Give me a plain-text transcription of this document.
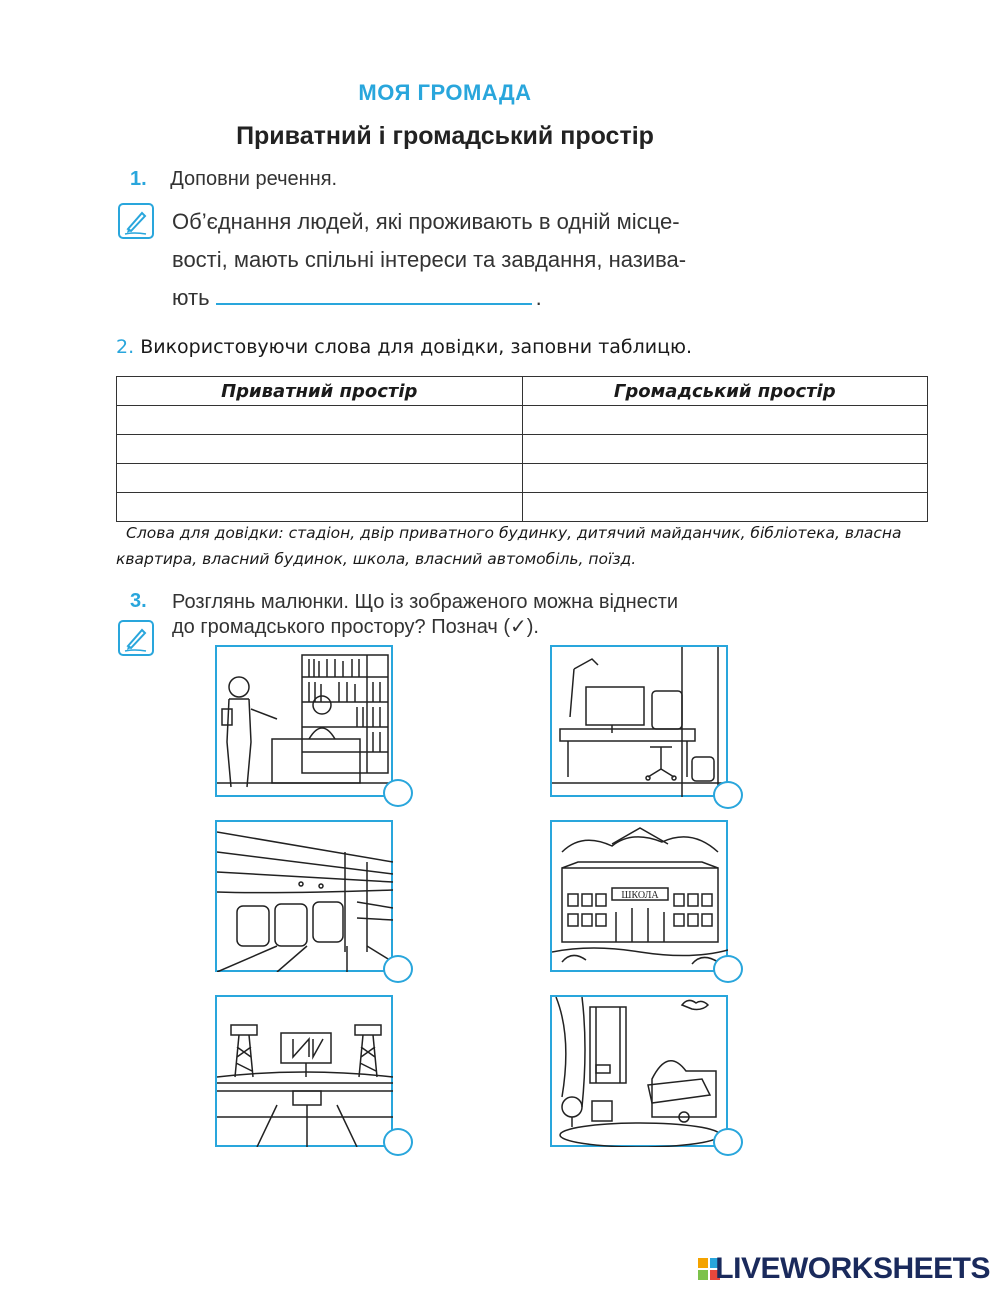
МОЯ ГРОМАДА
Приватний і громадський простір
1. Доповни речення.
Об’єднання людей, які проживають в одній місце-
вості, мають спільні інтереси та завдання, назива-
ють	.
2. Використовуючи слова для довідки, заповни таблицю.
Приватний простір	Громадський простір

Слова для довідки: стадіон, двір приватного будинку, дитячий майданчик, бібліотека, власна квартира, власний будинок, школа, власний автомобіль, поїзд.
3. Розглянь малюнки. Що із зображеного можна віднести
до громадського простору? Познач (✓).
ШКОЛА
LIVEWORKSHEETS
